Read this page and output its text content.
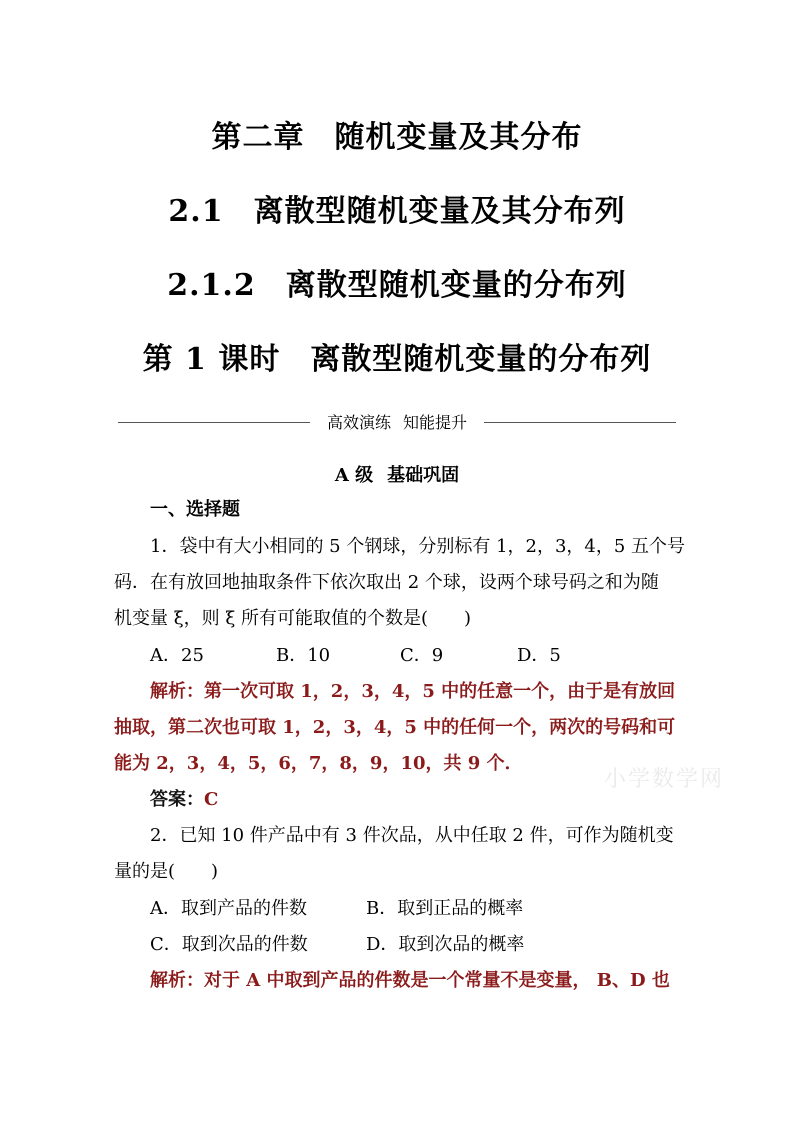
第二章 随机变量及其分布
2.1 离散型随机变量及其分布列
2.1.2 离散型随机变量的分布列
第 1 课时 离散型随机变量的分布列
高效演练 知能提升
A 级 基础巩固
一、选择题
1．袋中有大小相同的 5 个钢球，分别标有 1，2，3，4，5 五个号
码．在有放回地抽取条件下依次取出 2 个球，设两个球号码之和为随
机变量 ξ，则 ξ 所有可能取值的个数是(　　)
A．25	B．10	C．9	D．5
解析：第一次可取 1，2，3，4，5 中的任意一个，由于是有放回
抽取，第二次也可取 1，2，3，4，5 中的任何一个，两次的号码和可
能为 2，3，4，5，6，7，8，9，10，共 9 个．
答案：C
2．已知 10 件产品中有 3 件次品，从中任取 2 件，可作为随机变
量的是(　　)
A．取到产品的件数	B．取到正品的概率
C．取到次品的件数	D．取到次品的概率
解析：对于 A 中取到产品的件数是一个常量不是变量， B、D 也
小学数学网
